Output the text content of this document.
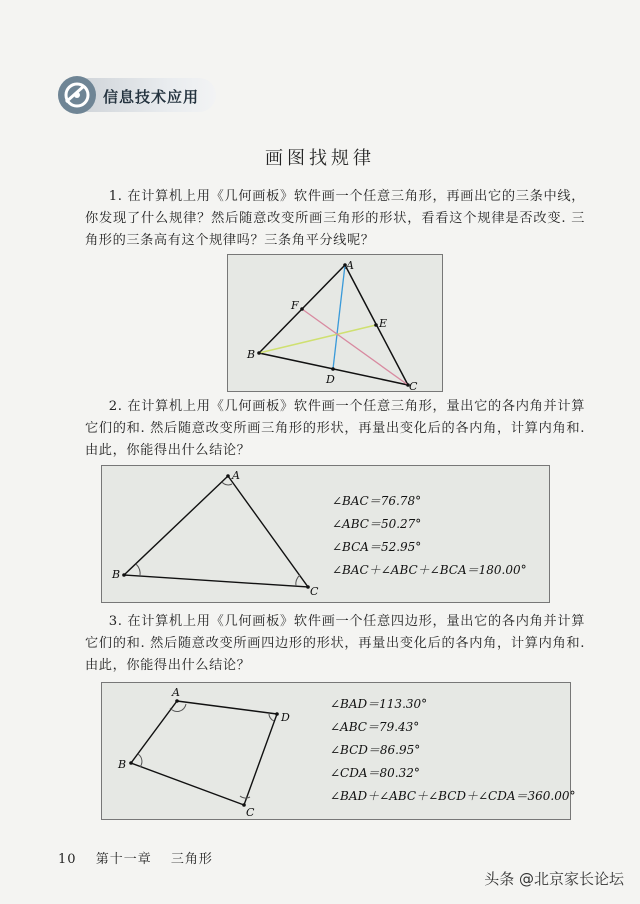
信息技术应用
画图找规律

1. 在计算机上用《几何画板》软件画一个任意三角形，再画出它的三条中线，你发现了什么规律？然后随意改变所画三角形的形状，看看这个规律是否改变. 三角形的三条高有这个规律吗？三条角平分线呢？

A
B
C
D
E
F

2. 在计算机上用《几何画板》软件画一个任意三角形，量出它的各内角并计算它们的和. 然后随意改变所画三角形的形状，再量出变化后的各内角，计算内角和. 由此，你能得出什么结论？

A
B
C
∠BAC＝76.78°
∠ABC＝50.27°
∠BCA＝52.95°
∠BAC＋∠ABC＋∠BCA＝180.00°

3. 在计算机上用《几何画板》软件画一个任意四边形，量出它的各内角并计算它们的和. 然后随意改变所画四边形的形状，再量出变化后的各内角，计算内角和. 由此，你能得出什么结论？

A
D
C
B
∠BAD＝113.30°
∠ABC＝79.43°
∠BCD＝86.95°
∠CDA＝80.32°
∠BAD＋∠ABC＋∠BCD＋∠CDA＝360.00°
10 第十一章 三角形
头条 @北京家长论坛
